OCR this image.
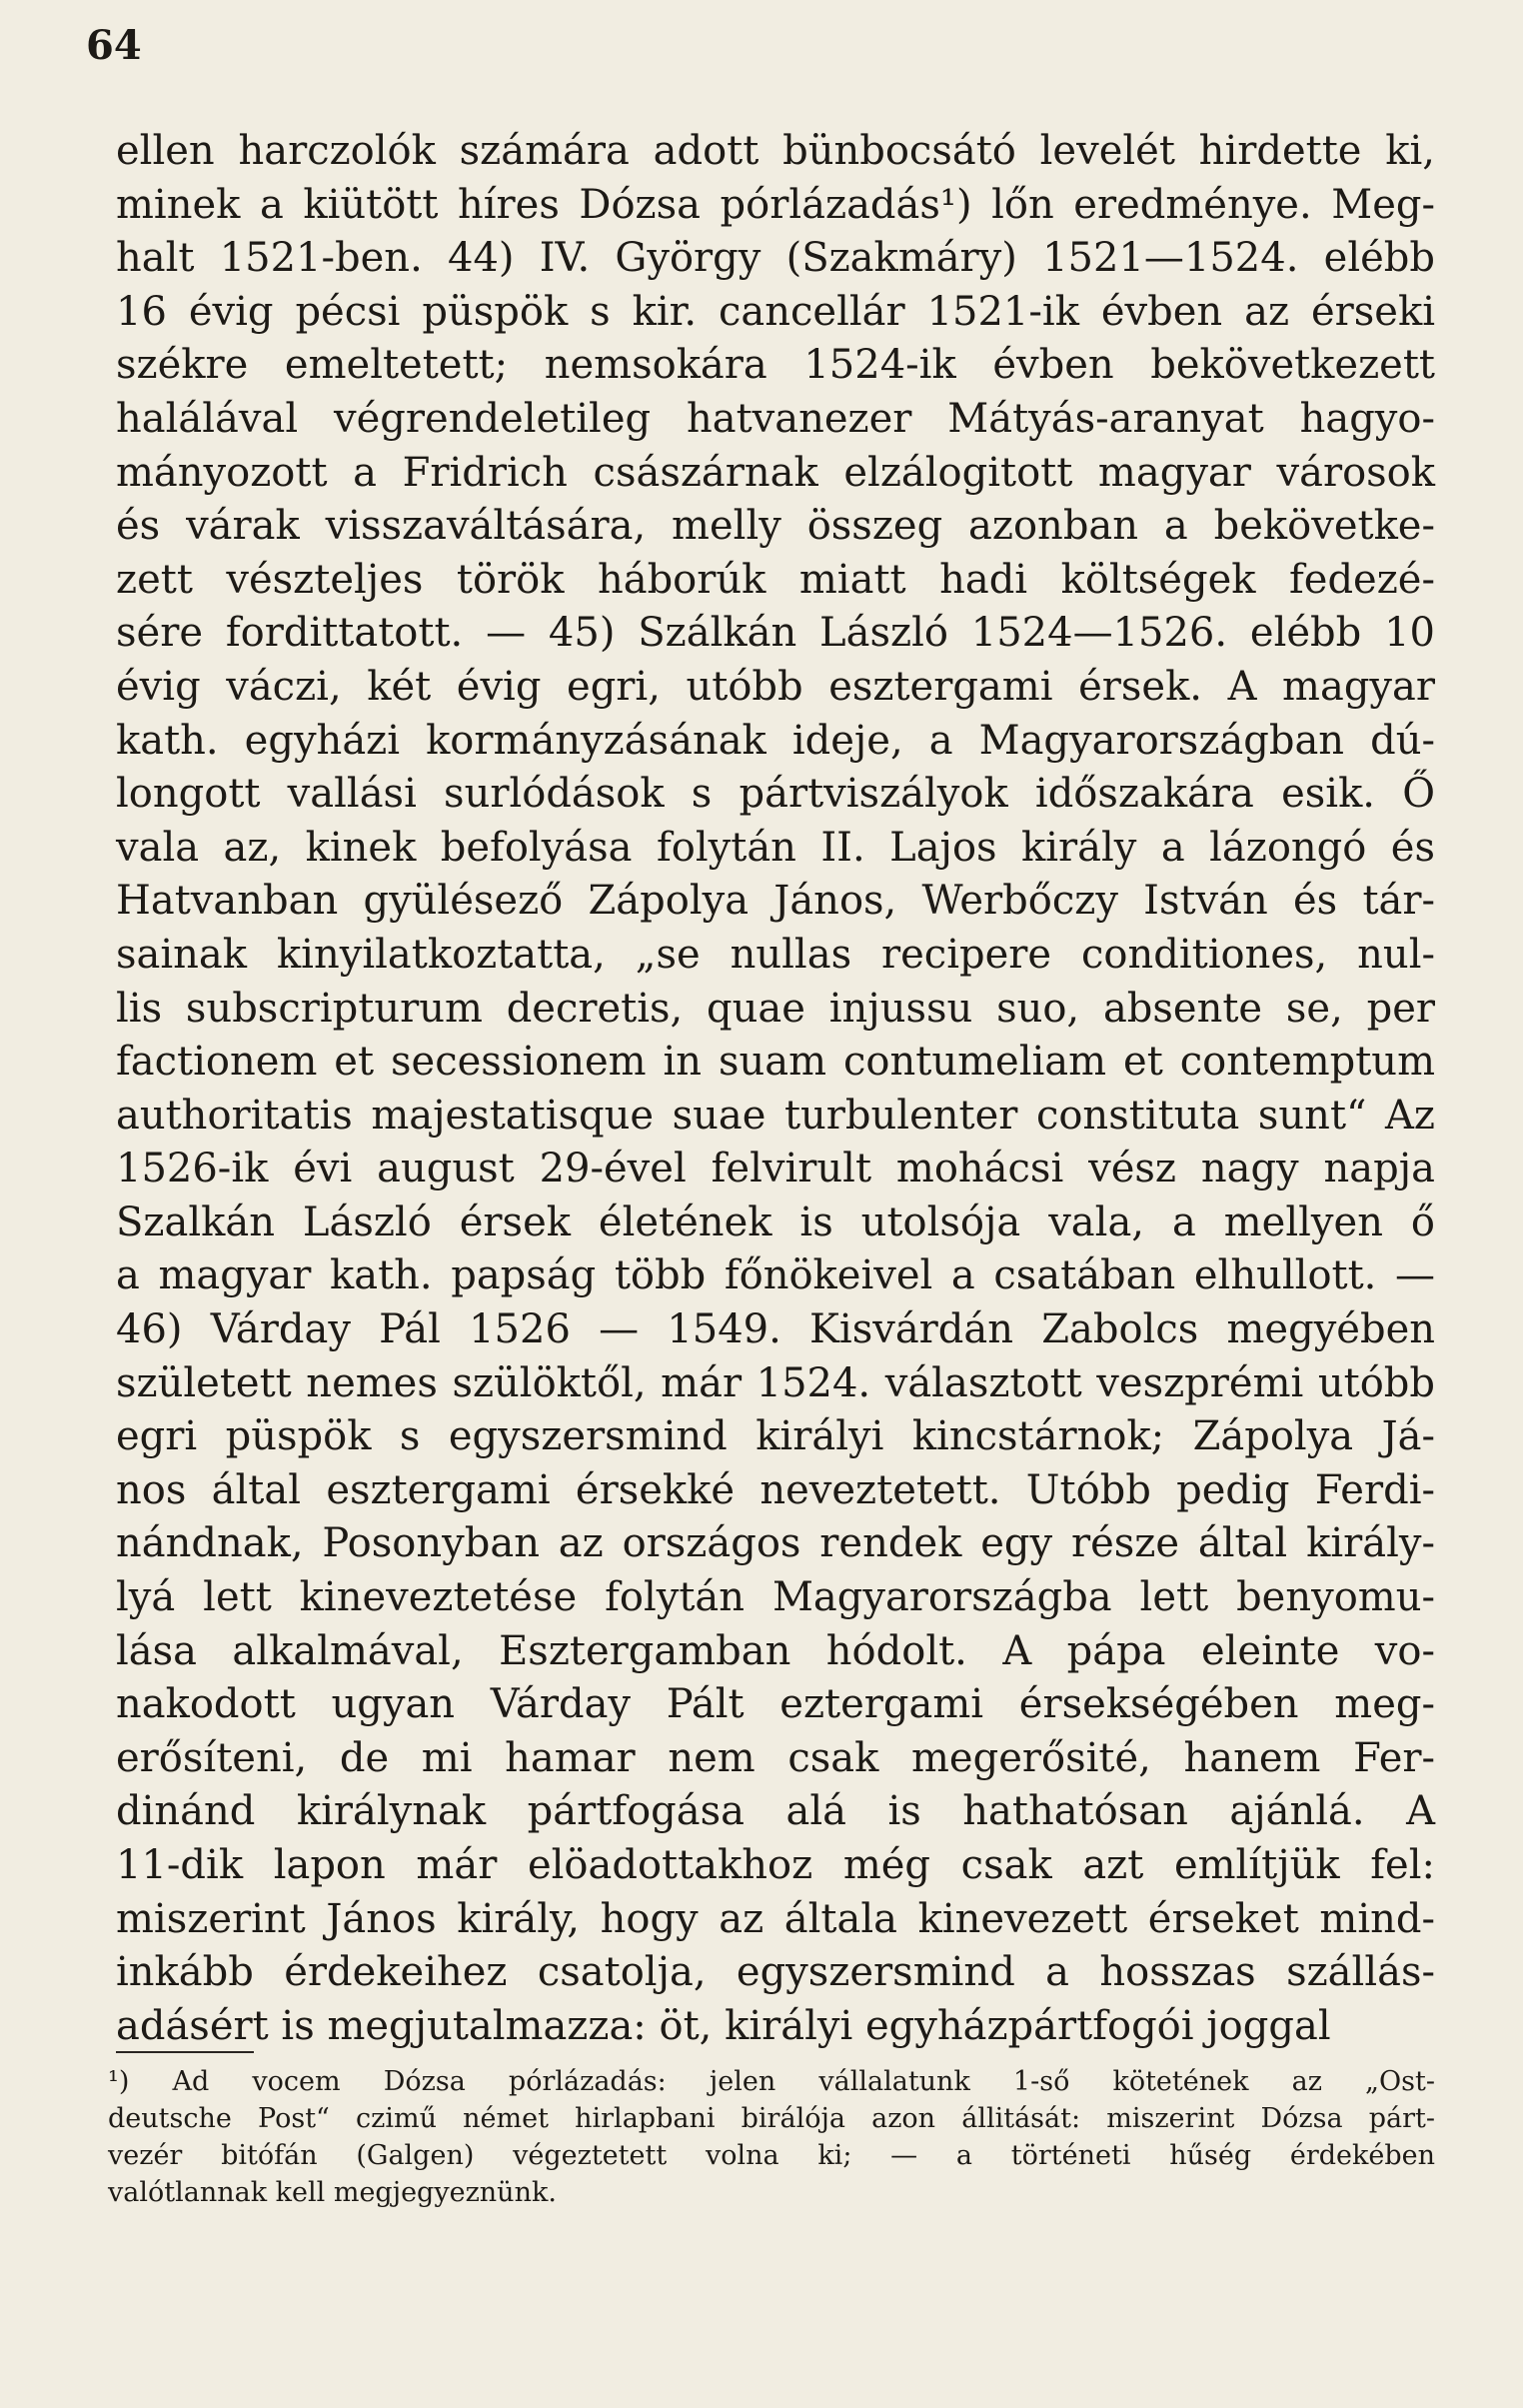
64
ellen harczolók számára adott bünbocsátó levelét hirdette ki,
minek a kiütött híres Dózsa pórlázadás¹) lőn eredménye. Meg-
halt 1521-ben. 44) IV. György (Szakmáry) 1521—1524. elébb
16 évig pécsi püspök s kir. cancellár 1521-ik évben az érseki
székre emeltetett; nemsokára 1524-ik évben bekövetkezett
halálával végrendeletileg hatvanezer Mátyás-aranyat hagyo-
mányozott a Fridrich császárnak elzálogitott magyar városok
és várak visszaváltására, melly összeg azonban a bekövetke-
zett vészteljes török háborúk miatt hadi költségek fedezé-
sére fordittatott. — 45) Szálkán László 1524—1526. elébb 10
évig váczi, két évig egri, utóbb esztergami érsek. A magyar
kath. egyházi kormányzásának ideje, a Magyarországban dú-
longott vallási surlódások s pártviszályok időszakára esik. Ő
vala az, kinek befolyása folytán II. Lajos király a lázongó és
Hatvanban gyülésező Zápolya János, Werbőczy István és tár-
sainak kinyilatkoztatta, „se nullas recipere conditiones, nul-
lis subscripturum decretis, quae injussu suo, absente se, per
factionem et secessionem in suam contumeliam et contemptum
authoritatis majestatisque suae turbulenter constituta sunt“ Az
1526-ik évi august 29-ével felvirult mohácsi vész nagy napja
Szalkán László érsek életének is utolsója vala, a mellyen ő
a magyar kath. papság több főnökeivel a csatában elhullott. —
46) Várday Pál 1526 — 1549. Kisvárdán Zabolcs megyében
született nemes szülöktől, már 1524. választott veszprémi utóbb
egri püspök s egyszersmind királyi kincstárnok; Zápolya Já-
nos által esztergami érsekké neveztetett. Utóbb pedig Ferdi-
nándnak, Posonyban az országos rendek egy része által király-
lyá lett kineveztetése folytán Magyarországba lett benyomu-
lása alkalmával, Esztergamban hódolt. A pápa eleinte vo-
nakodott ugyan Várday Pált eztergami érsekségében meg-
erősíteni, de mi hamar nem csak megerősité, hanem Fer-
dinánd királynak pártfogása alá is hathatósan ajánlá. A
11-dik lapon már elöadottakhoz még csak azt említjük fel:
miszerint János király, hogy az általa kinevezett érseket mind-
inkább érdekeihez csatolja, egyszersmind a hosszas szállás-
adásért is megjutalmazza: öt, királyi egyházpártfogói joggal
¹) Ad vocem Dózsa pórlázadás: jelen vállalatunk 1-ső kötetének az „Ost-
deutsche Post“ czimű német hirlapbani birálója azon állitását: miszerint Dózsa párt-
vezér bitófán (Galgen) végeztetett volna ki; — a történeti hűség érdekében
valótlannak kell megjegyeznünk.
